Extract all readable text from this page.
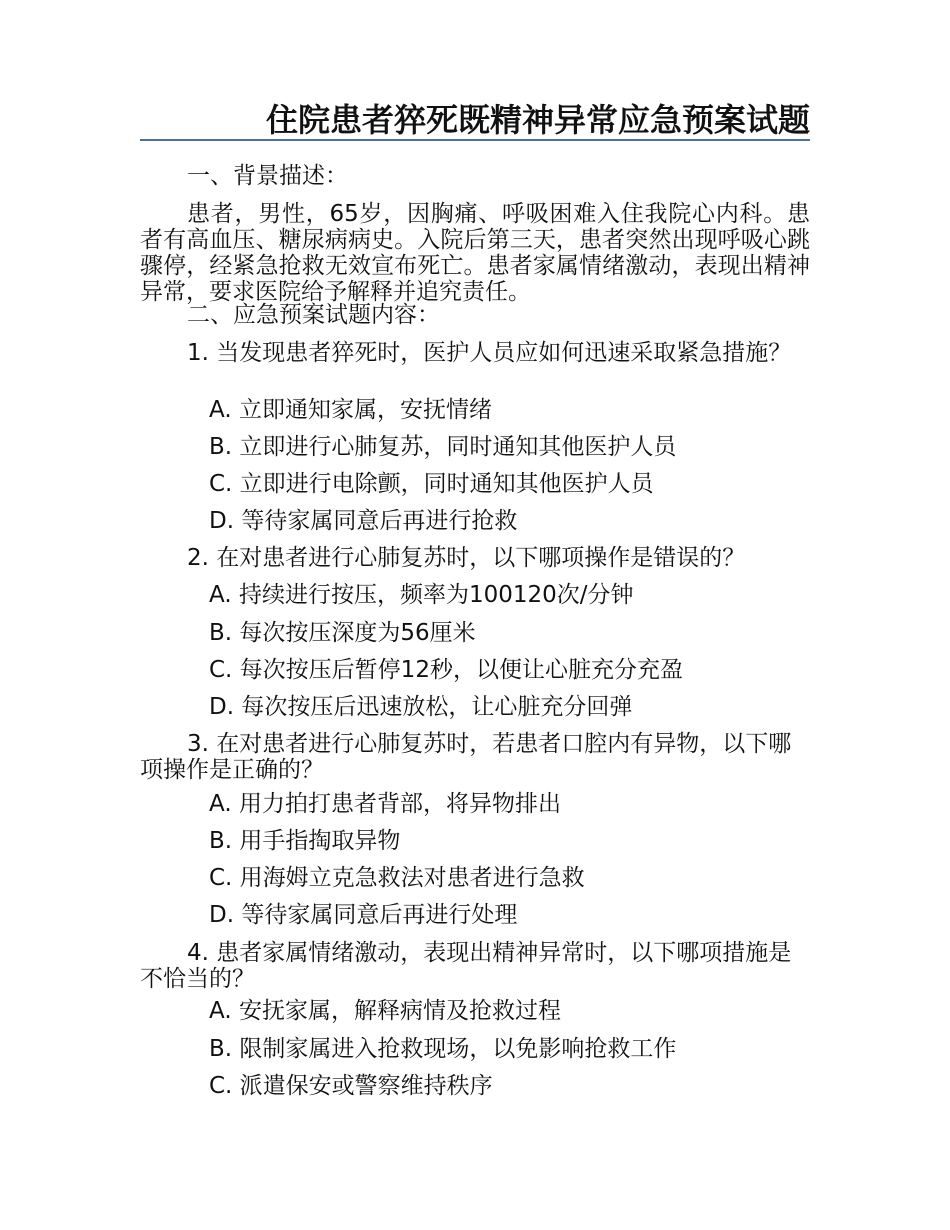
住院患者猝死既精神异常应急预案试题
一、背景描述：
患者，男性，65岁，因胸痛、呼吸困难入住我院心内科。患者有高血压、糖尿病病史。入院后第三天，患者突然出现呼吸心跳骤停，经紧急抢救无效宣布死亡。患者家属情绪激动，表现出精神异常，要求医院给予解释并追究责任。
二、应急预案试题内容：
1. 当发现患者猝死时，医护人员应如何迅速采取紧急措施？
A. 立即通知家属，安抚情绪
B. 立即进行心肺复苏，同时通知其他医护人员
C. 立即进行电除颤，同时通知其他医护人员
D. 等待家属同意后再进行抢救
2. 在对患者进行心肺复苏时，以下哪项操作是错误的？
A. 持续进行按压，频率为100120次/分钟
B. 每次按压深度为56厘米
C. 每次按压后暂停12秒，以便让心脏充分充盈
D. 每次按压后迅速放松，让心脏充分回弹
3. 在对患者进行心肺复苏时，若患者口腔内有异物，以下哪项操作是正确的？
A. 用力拍打患者背部，将异物排出
B. 用手指掏取异物
C. 用海姆立克急救法对患者进行急救
D. 等待家属同意后再进行处理
4. 患者家属情绪激动，表现出精神异常时，以下哪项措施是不恰当的？
A. 安抚家属，解释病情及抢救过程
B. 限制家属进入抢救现场，以免影响抢救工作
C. 派遣保安或警察维持秩序
